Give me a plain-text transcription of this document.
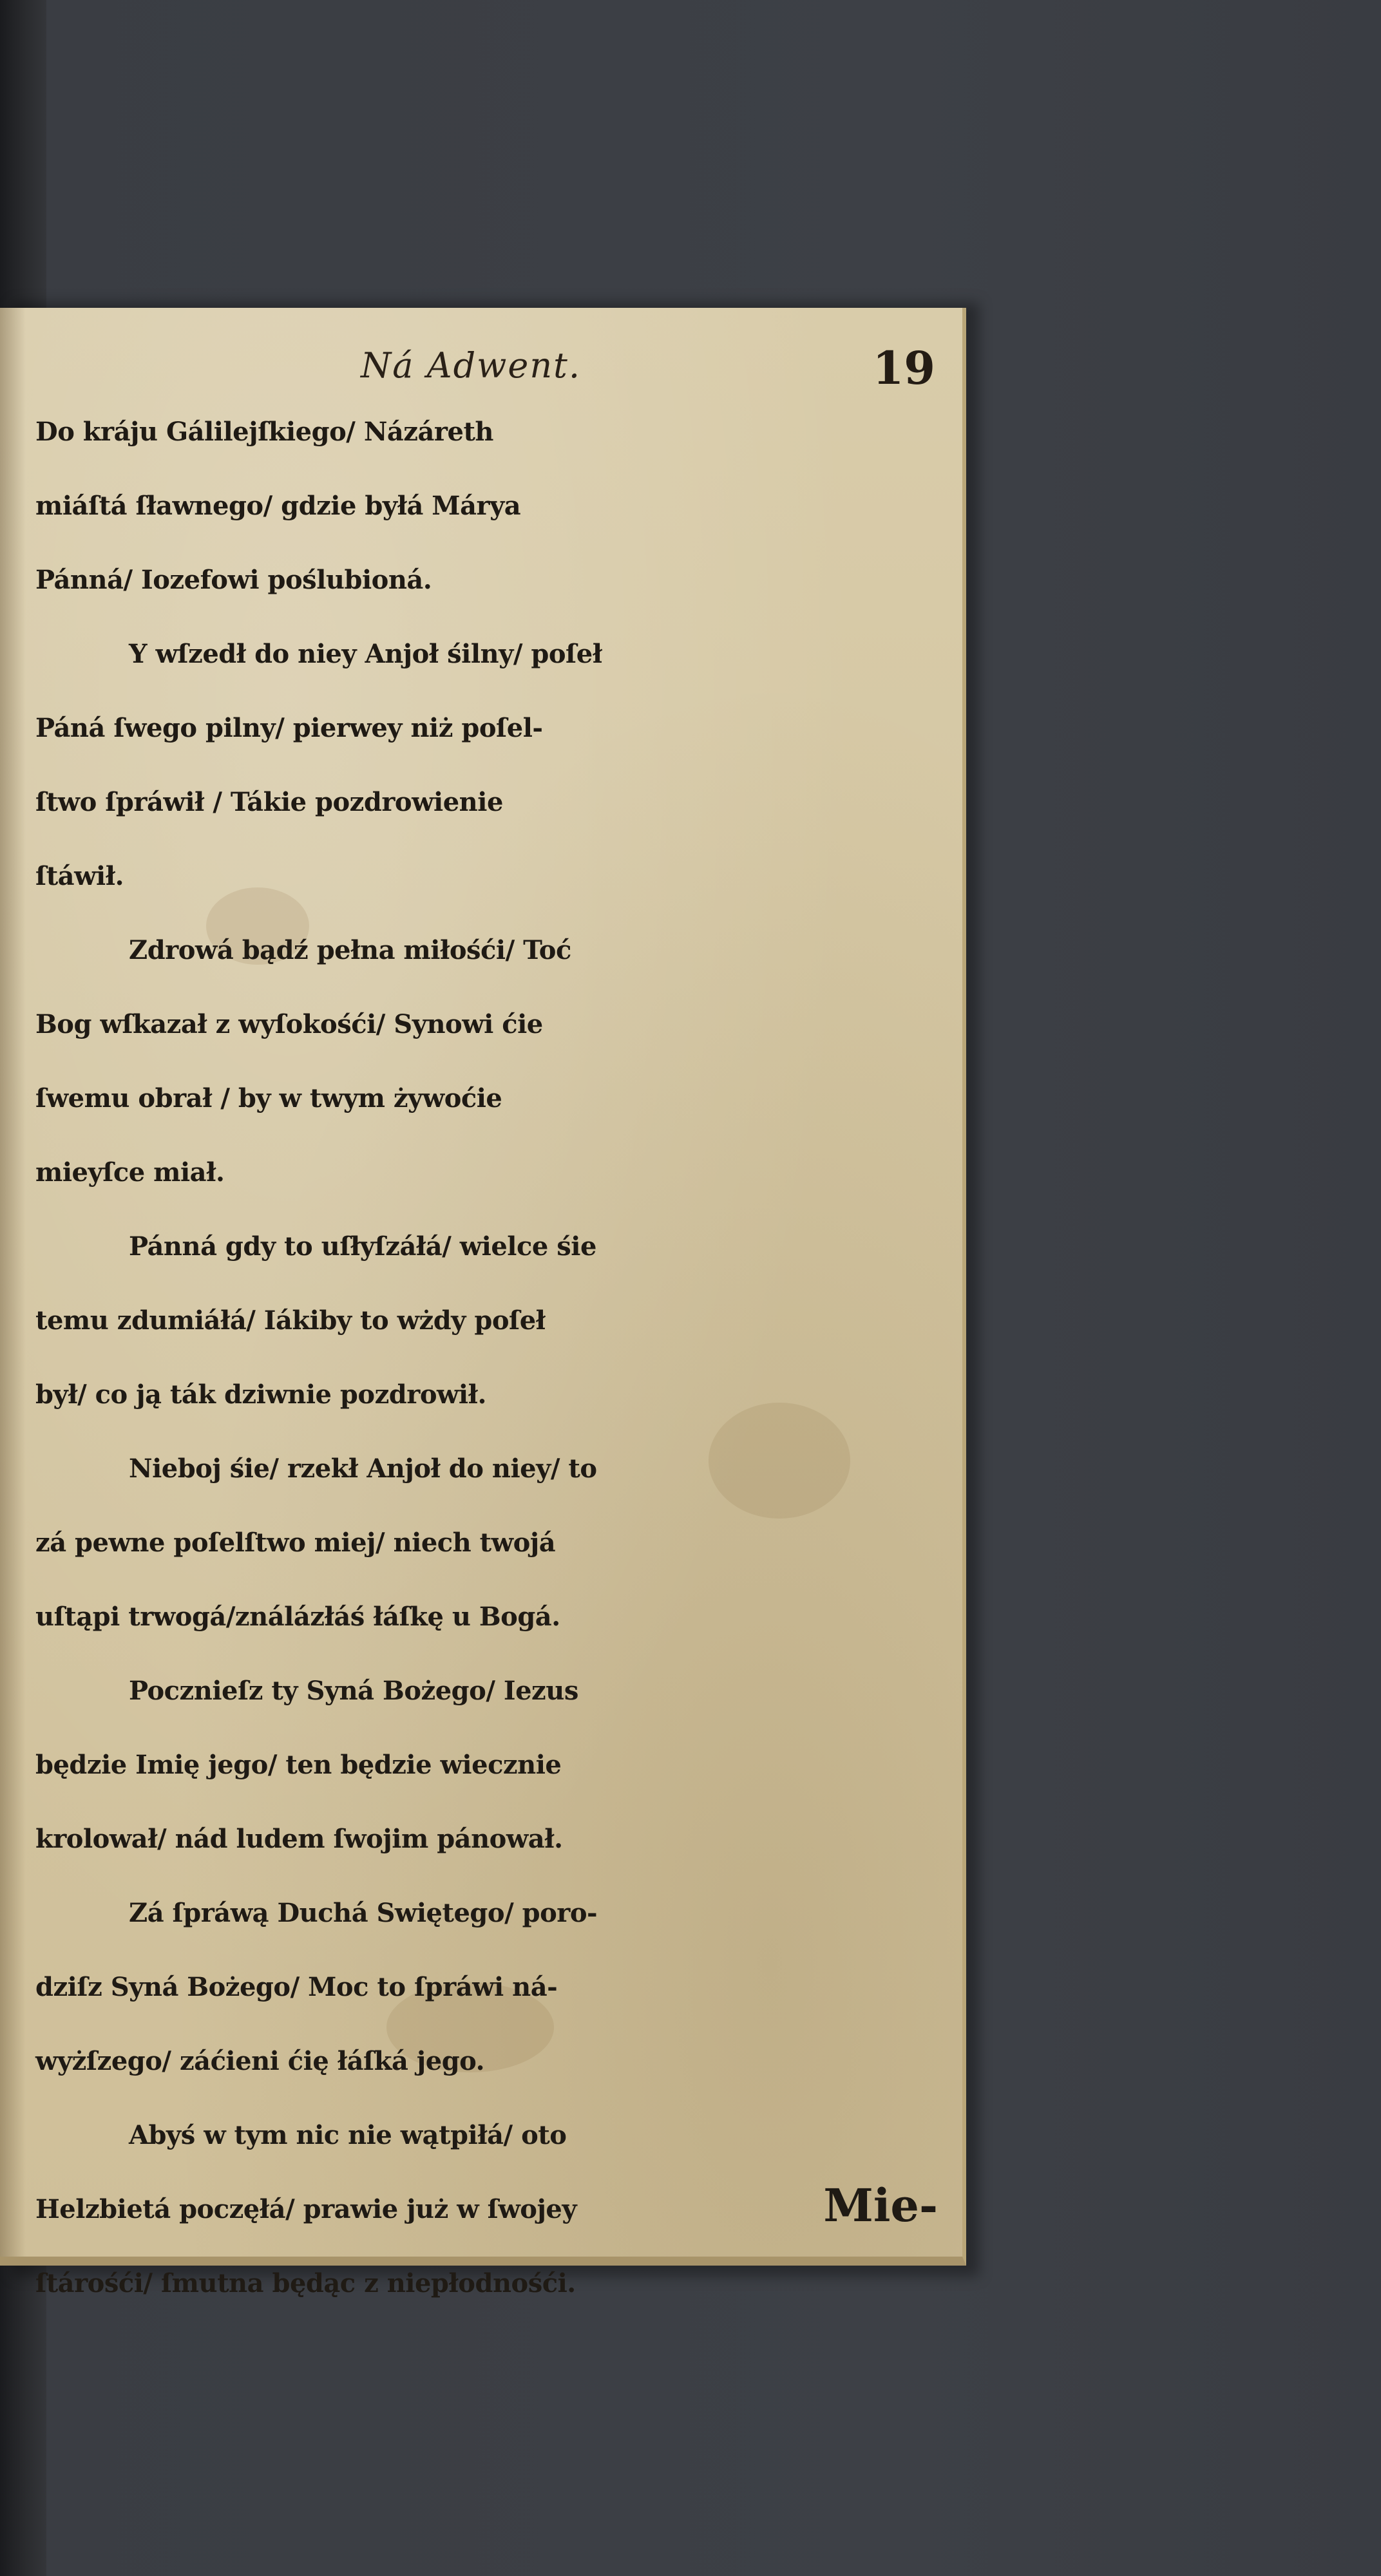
Ná Adwent.	19
Do kráju Gálilejſkiego/ Názáreth
miáſtá ſławnego/ gdzie byłá Márya
Pánná/ Iozefowi poślubioná.
Y wſzedł do niey Anjoł śilny/ poſeł
Páná ſwego pilny/ pierwey niż poſel-
ſtwo ſpráwił / Tákie pozdrowienie
ſtáwił.
Zdrowá bądź pełna miłośći/ Toć
Bog wſkazał z wyſokośći/ Synowi ćie
ſwemu obrał / by w twym żywoćie
mieyſce miał.
Pánná gdy to uſłyſzáłá/ wielce śie
temu zdumiáłá/ Iákiby to wżdy poſeł
był/ co ją ták dziwnie pozdrowił.
Nieboj śie/ rzekł Anjoł do niey/ to
zá pewne poſelſtwo miej/ niech twojá
uſtąpi trwogá/ználázłáś łáſkę u Bogá.
Pocznieſz ty Syná Bożego/ Iezus
będzie Imię jego/ ten będzie wiecznie
krolował/ nád ludem ſwojim pánował.
Zá ſpráwą Duchá Swiętego/ poro-
dziſz Syná Bożego/ Moc to ſpráwi ná-
wyżſzego/ záćieni ćię łáſká jego.
Abyś w tym nic nie wątpiłá/ oto
Helzbietá poczęłá/ prawie już w ſwojey
ſtárośći/ ſmutna będąc z niepłodnośći.
Mie-
